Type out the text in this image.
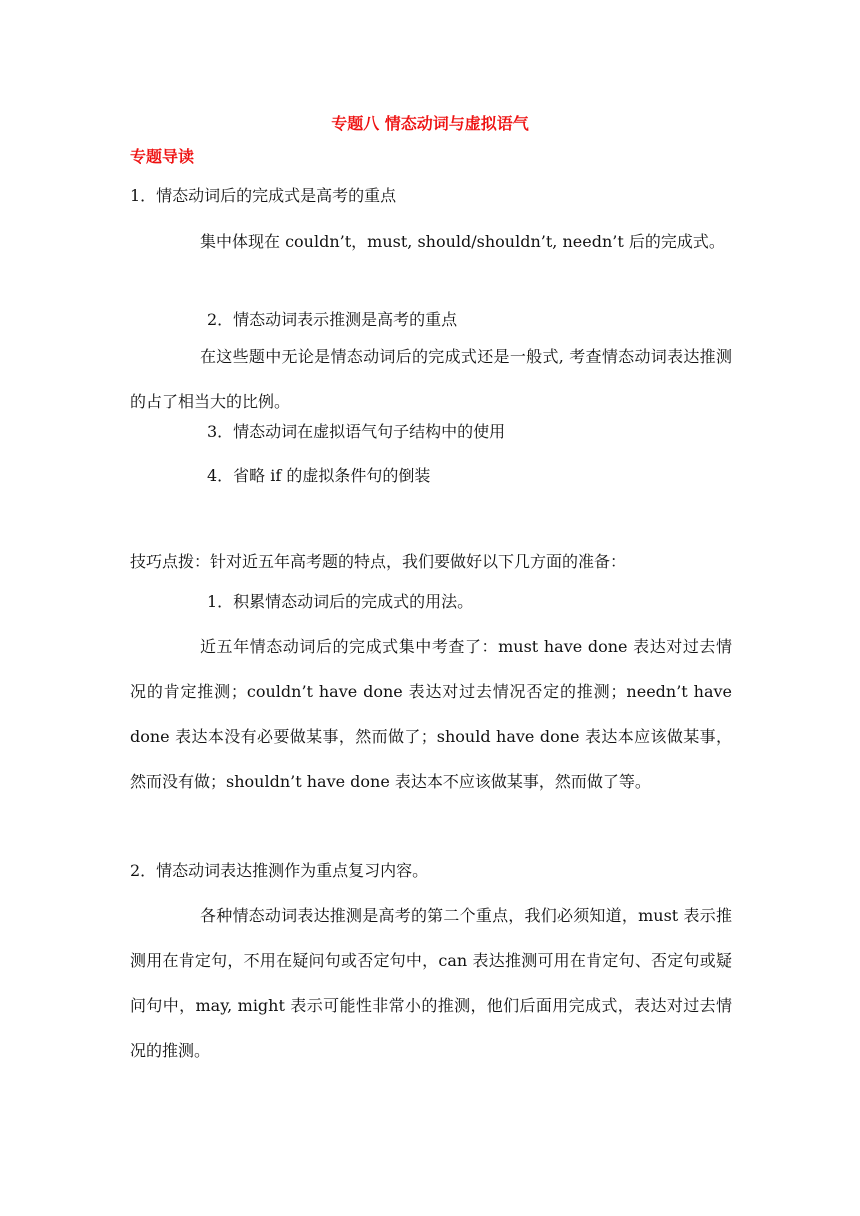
专题八 情态动词与虚拟语气
专题导读
1．情态动词后的完成式是高考的重点
集中体现在 couldn’t，must, should/shouldn’t, needn’t 后的完成式。
2．情态动词表示推测是高考的重点
在这些题中无论是情态动词后的完成式还是一般式, 考查情态动词表达推测的占了相当大的比例。
3．情态动词在虚拟语气句子结构中的使用
4．省略 if 的虚拟条件句的倒装
技巧点拨：针对近五年高考题的特点，我们要做好以下几方面的准备：
1．积累情态动词后的完成式的用法。
近五年情态动词后的完成式集中考查了：must have done 表达对过去情况的肯定推测；couldn’t have done 表达对过去情况否定的推测；needn’t have done 表达本没有必要做某事，然而做了；should have done 表达本应该做某事，然而没有做；shouldn’t have done 表达本不应该做某事，然而做了等。
2．情态动词表达推测作为重点复习内容。
各种情态动词表达推测是高考的第二个重点，我们必须知道，must 表示推测用在肯定句，不用在疑问句或否定句中，can 表达推测可用在肯定句、否定句或疑问句中，may, might 表示可能性非常小的推测，他们后面用完成式，表达对过去情况的推测。
